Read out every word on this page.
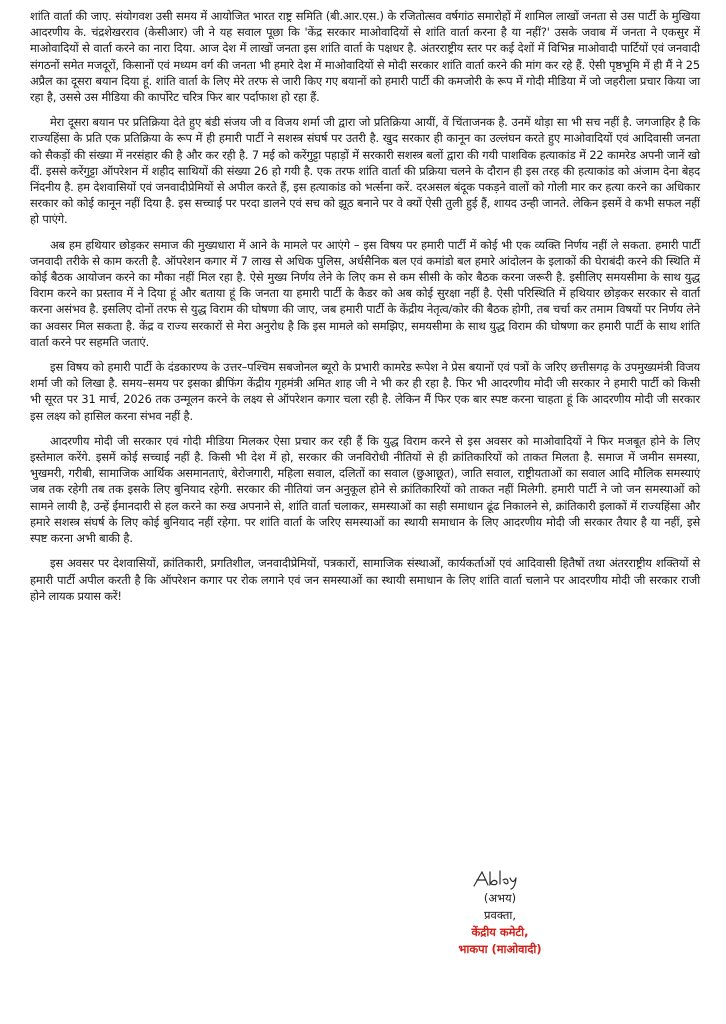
शांति वार्ता की जाए. संयोगवश उसी समय में आयोजित भारत राष्ट्र समिति (बी.आर.एस.) के रजितोत्सव वर्षगांठ समारोहों में शामिल लाखों जनता से उस पार्टी के मुखिया आदरणीय के. चंद्रशेखरराव (केसीआर) जी ने यह सवाल पूछा कि 'केंद्र सरकार माओवादियों से शांति वार्ता करना है या नहीं?' उसके जवाब में जनता ने एकसुर में माओवादियों से वार्ता करने का नारा दिया. आज देश में लाखों जनता इस शांति वार्ता के पक्षधर है. अंतरराष्ट्रीय स्तर पर कई देशों में विभिन्न माओवादी पार्टियों एवं जनवादी संगठनों समेत मजदूरों, किसानों एवं मध्यम वर्ग की जनता भी हमारे देश में माओवादियों से मोदी सरकार शांति वार्ता करने की मांग कर रहे हैं. ऐसी पृष्ठभूमि में ही मैं ने 25 अप्रैल का दूसरा बयान दिया हूं. शांति वार्ता के लिए मेरे तरफ से जारी किए गए बयानों को हमारी पार्टी की कमजोरी के रूप में गोदी मीडिया में जो जहरीला प्रचार किया जा रहा है, उससे उस मीडिया की कार्पोरेट चरित्र फिर बार पर्दाफाश हो रहा हैं.

मेरा दूसरा बयान पर प्रतिक्रिया देते हुए बंडी संजय जी व विजय शर्मा जी द्वारा जो प्रतिक्रिया आयीं, वें चिंताजनक है. उनमें थोड़ा सा भी सच नहीं है. जगजाहिर है कि राज्यहिंसा के प्रति एक प्रतिक्रिया के रूप में ही हमारी पार्टी ने सशस्त्र संघर्ष पर उतरी है. खुद सरकार ही कानून का उल्लंघन करते हुए माओवादियों एवं आदिवासी जनता को सैकड़ों की संख्या में नरसंहार की है और कर रही है. 7 मई को करेंगुट्टा पहाड़ों में सरकारी सशस्त्र बलों द्वारा की गयी पाशविक हत्याकांड में 22 कामरेड अपनी जानें खो दीं. इससे करेंगुट्टा ऑपरेशन में शहीद साथियों की संख्या 26 हो गयी है. एक तरफ शांति वार्ता की प्रक्रिया चलने के दौरान ही इस तरह की हत्याकांड को अंजाम देना बेहद निंदनीय है. हम देशवासियों एवं जनवादीप्रेमियों से अपील करते हैं, इस हत्याकांड को भर्त्सना करें. दरअसल बंदूक पकड़ने वालों को गोली मार कर हत्या करने का अधिकार सरकार को कोई कानून नहीं दिया है. इस सच्चाई पर परदा डालने एवं सच को झूठ बनाने पर वे क्यों ऐसी तुली हुई हैं, शायद उन्ही जानते. लेकिन इसमें वे कभी सफल नहीं हो पाएंगे.

अब हम हथियार छोड़कर समाज की मुख्यधारा में आने के मामले पर आएंगे – इस विषय पर हमारी पार्टी में कोई भी एक व्यक्ति निर्णय नहीं ले सकता. हमारी पार्टी जनवादी तरीके से काम करती है. ऑपरेशन कगार में 7 लाख से अधिक पुलिस, अर्धसैनिक बल एवं कमांडो बल हमारे आंदोलन के इलाकों की घेराबंदी करने की स्थिति में कोई बैठक आयोजन करने का मौका नहीं मिल रहा है. ऐसे मुख्य निर्णय लेने के लिए कम से कम सीसी के कोर बैठक करना जरूरी है. इसीलिए समयसीमा के साथ युद्ध विराम करने का प्रस्ताव में ने दिया हूं और बताया हूं कि जनता या हमारी पार्टी के कैडर को अब कोई सुरक्षा नहीं है. ऐसी परिस्थिति में हथियार छोड़कर सरकार से वार्ता करना असंभव है. इसलिए दोनों तरफ से युद्ध विराम की घोषणा की जाए, जब हमारी पार्टी के केंद्रीय नेतृत्व/कोर की बैठक होगी, तब चर्चा कर तमाम विषयों पर निर्णय लेने का अवसर मिल सकता है. केंद्र व राज्य सरकारों से मेरा अनुरोध है कि इस मामले को समझिए, समयसीमा के साथ युद्ध विराम की घोषणा कर हमारी पार्टी के साथ शांति वार्ता करने पर सहमति जताएं.

इस विषय को हमारी पार्टी के दंडकारण्य के उत्तर–पश्चिम सबजोनल ब्यूरो के प्रभारी कामरेड रूपेश ने प्रेस बयानों एवं पत्रों के जरिए छत्तीसगढ़ के उपमुख्यमंत्री विजय शर्मा जी को लिखा है. समय–समय पर इसका ब्रीफिंग केंद्रीय गृहमंत्री अमित शाह जी ने भी कर ही रहा है. फिर भी आदरणीय मोदी जी सरकार ने हमारी पार्टी को किसी भी सूरत पर 31 मार्च, 2026 तक उन्मूलन करने के लक्ष्य से ऑपरेशन कगार चला रही है. लेकिन मैं फिर एक बार स्पष्ट करना चाहता हूं कि आदरणीय मोदी जी सरकार इस लक्ष्य को हासिल करना संभव नहीं है.

आदरणीय मोदी जी सरकार एवं गोदी मीडिया मिलकर ऐसा प्रचार कर रही हैं कि युद्ध विराम करने से इस अवसर को माओवादियों ने फिर मजबूत होने के लिए इस्तेमाल करेंगे. इसमें कोई सच्चाई नहीं है. किसी भी देश में हो, सरकार की जनविरोधी नीतियों से ही क्रांतिकारियों को ताकत मिलता है. समाज में जमीन समस्या, भुखमरी, गरीबी, सामाजिक आर्थिक असमानताएं, बेरोजगारी, महिला सवाल, दलितों का सवाल (छुआछूत), जाति सवाल, राष्ट्रीयताओं का सवाल आदि मौलिक समस्याएं जब तक रहेगी तब तक इसके लिए बुनियाद रहेगी. सरकार की नीतियां जन अनुकूल होने से क्रांतिकारियों को ताकत नहीं मिलेगी. हमारी पार्टी ने जो जन समस्याओं को सामने लायी है, उन्हें ईमानदारी से हल करने का रुख अपनाने से, शांति वार्ता चलाकर, समस्याओं का सही समाधान ढूंढ निकालने से, क्रांतिकारी इलाकों में राज्यहिंसा और हमारे सशस्त्र संघर्ष के लिए कोई बुनियाद नहीं रहेगा. पर शांति वार्ता के जरिए समस्याओं का स्थायी समाधान के लिए आदरणीय मोदी जी सरकार तैयार है या नहीं, इसे स्पष्ट करना अभी बाकी है.

इस अवसर पर देशवासियों, क्रांतिकारी, प्रगतिशील, जनवादीप्रेमियों, पत्रकारों, सामाजिक संस्थाओं, कार्यकर्ताओं एवं आदिवासी हितैषों तथा अंतरराष्ट्रीय शक्तियों से हमारी पार्टी अपील करती है कि ऑपरेशन कगार पर रोक लगाने एवं जन समस्याओं का स्थायी समाधान के लिए शांति वार्ता चलाने पर आदरणीय मोदी जी सरकार राजी होने लायक प्रयास करें!

(अभय)
प्रवक्ता,
केंद्रीय कमेटी,
भाकपा (माओवादी)
